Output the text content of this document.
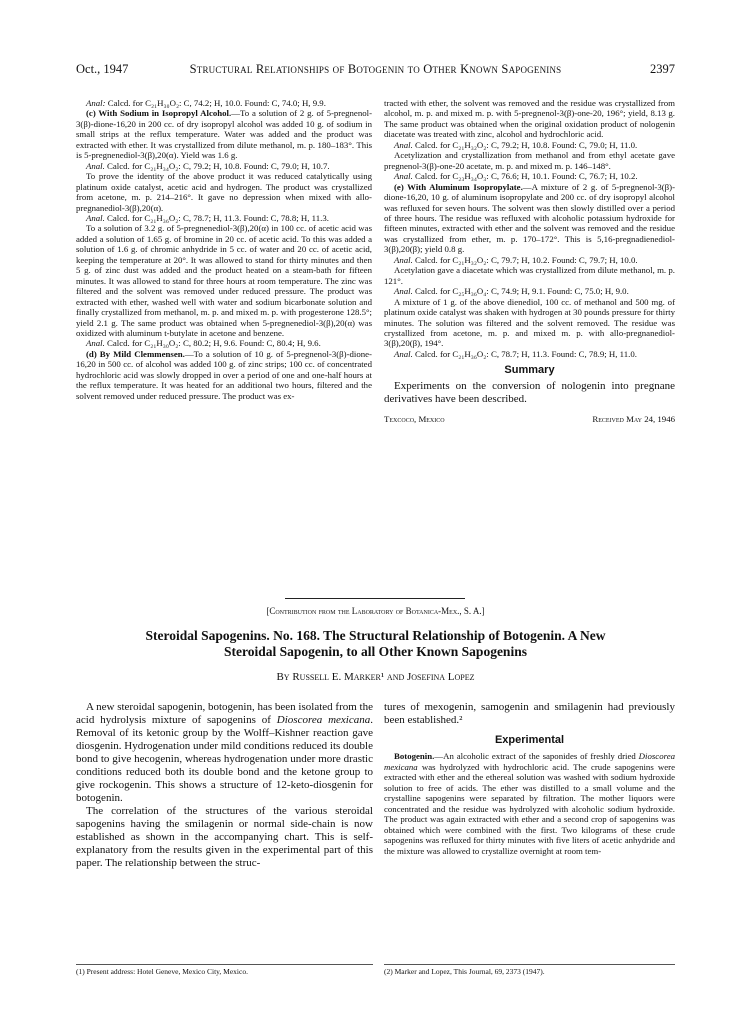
Oct., 1947	Structural Relationships of Botogenin to Other Known Sapogenins	2397

Anal: Calcd. for C₂₁H₃₀O₂: C, 74.2; H, 10.0. Found: C, 74.0; H, 9.9.

(c) With Sodium in Isopropyl Alcohol.—To a solution of 2 g. of 5-pregnenol-3(β)-dione-16,20 in 200 cc. of dry isopropyl alcohol was added 10 g. of sodium in small strips at the reflux temperature. Water was added and the product was extracted with ether. It was crystallized from dilute methanol, m. p. 180–183°. This is 5-pregnenediol-3(β),20(α). Yield was 1.6 g.

Anal. Calcd. for C₂₁H₃₄O₂: C, 79.2; H, 10.8. Found: C, 79.0; H, 10.7.

To prove the identity of the above product it was reduced catalytically using platinum oxide catalyst, acetic acid and hydrogen. The product was crystallized from acetone, m. p. 214–216°. It gave no depression when mixed with allo-pregnanediol-3(β),20(α).

Anal. Calcd. for C₂₁H₃₆O₂: C, 78.7; H, 11.3. Found: C, 78.8; H, 11.3.

To a solution of 3.2 g. of 5-pregnenediol-3(β),20(α) in 100 cc. of acetic acid was added a solution of 1.65 g. of bromine in 20 cc. of acetic acid. To this was added a solution of 1.6 g. of chromic anhydride in 5 cc. of water and 20 cc. of acetic acid, keeping the temperature at 20°. It was allowed to stand for thirty minutes and then 5 g. of zinc dust was added and the product heated on a steam-bath for fifteen minutes. It was allowed to stand for three hours at room temperature. The zinc was filtered and the solvent was removed under reduced pressure. The product was extracted with ether, washed well with water and sodium bicarbonate solution and finally crystallized from methanol, m. p. and mixed m. p. with progesterone 128.5°; yield 2.1 g. The same product was obtained when 5-pregnenediol-3(β),20(α) was oxidized with aluminum t-butylate in acetone and benzene.

Anal. Calcd. for C₂₁H₃₀O₂: C, 80.2; H, 9.6. Found: C, 80.4; H, 9.6.

(d) By Mild Clemmensen.—To a solution of 10 g. of 5-pregnenol-3(β)-dione-16,20 in 500 cc. of alcohol was added 100 g. of zinc strips; 100 cc. of concentrated hydrochloric acid was slowly dropped in over a period of one and one-half hours at the reflux temperature. It was heated for an additional two hours, filtered and the solvent removed under reduced pressure. The product was ex-

tracted with ether, the solvent was removed and the residue was crystallized from alcohol, m. p. and mixed m. p. with 5-pregnenol-3(β)-one-20, 196°; yield, 8.13 g. The same product was obtained when the original oxidation product of nologenin diacetate was treated with zinc, alcohol and hydrochloric acid.

Anal. Calcd. for C₂₁H₃₂O₂: C, 79.2; H, 10.8. Found: C, 79.0; H, 11.0.

Acetylization and crystallization from methanol and from ethyl acetate gave pregnenol-3(β)-one-20 acetate, m. p. and mixed m. p. 146–148°.

Anal. Calcd. for C₂₃H₃₄O₃: C, 76.6; H, 10.1. Found: C, 76.7; H, 10.2.

(e) With Aluminum Isopropylate.—A mixture of 2 g. of 5-pregnenol-3(β)-dione-16,20, 10 g. of aluminum isopropylate and 200 cc. of dry isopropyl alcohol was refluxed for seven hours. The solvent was then slowly distilled over a period of three hours. The residue was refluxed with alcoholic potassium hydroxide for fifteen minutes, extracted with ether and the solvent was removed and the residue was crystallized from ether, m. p. 170–172°. This is 5,16-pregnadienediol-3(β),20(β); yield 0.8 g.

Anal. Calcd. for C₂₁H₃₂O₂: C, 79.7; H, 10.2. Found: C, 79.7; H, 10.0.

Acetylation gave a diacetate which was crystallized from dilute methanol, m. p. 121°.

Anal. Calcd. for C₂₅H₃₆O₄: C, 74.9; H, 9.1. Found: C, 75.0; H, 9.0.

A mixture of 1 g. of the above dienediol, 100 cc. of methanol and 500 mg. of platinum oxide catalyst was shaken with hydrogen at 30 pounds pressure for thirty minutes. The solution was filtered and the solvent removed. The residue was crystallized from acetone, m. p. and mixed m. p. with allo-pregnanediol-3(β),20(β), 194°.

Anal. Calcd. for C₂₁H₃₆O₂: C, 78.7; H, 11.3. Found: C, 78.9; H, 11.0.

Summary

Experiments on the conversion of nologenin into pregnane derivatives have been described.

Texcoco, Mexico	Received May 24, 1946
[Contribution from the Laboratory of Botanica-Mex., S. A.]
Steroidal Sapogenins. No. 168. The Structural Relationship of Botogenin. A New
Steroidal Sapogenin, to all Other Known Sapogenins
By Russell E. Marker¹ and Josefina Lopez

A new steroidal sapogenin, botogenin, has been isolated from the acid hydrolysis mixture of sapogenins of Dioscorea mexicana. Removal of its ketonic group by the Wolff–Kishner reaction gave diosgenin. Hydrogenation under mild conditions reduced its double bond to give hecogenin, whereas hydrogenation under more drastic conditions reduced both its double bond and the ketone group to give rockogenin. This shows a structure of 12-keto-diosgenin for botogenin.

The correlation of the structures of the various steroidal sapogenins having the smilagenin or normal side-chain is now established as shown in the accompanying chart. This is self-explanatory from the results given in the experimental part of this paper. The relationship between the struc-

tures of mexogenin, samogenin and smilagenin had previously been established.²

Experimental

Botogenin.—An alcoholic extract of the saponides of freshly dried Dioscorea mexicana was hydrolyzed with hydrochloric acid. The crude sapogenins were extracted with ether and the ethereal solution was washed with sodium hydroxide solution to free of acids. The ether was distilled to a small volume and the crystalline sapogenins were separated by filtration. The mother liquors were concentrated and the residue was hydrolyzed with alcoholic sodium hydroxide. The product was again extracted with ether and a second crop of sapogenins was obtained which were combined with the first. Two kilograms of these crude sapogenins was refluxed for thirty minutes with five liters of acetic anhydride and the mixture was allowed to crystallize overnight at room tem-

(1) Present address: Hotel Geneve, Mexico City, Mexico.	(2) Marker and Lopez, This Journal, 69, 2373 (1947).
